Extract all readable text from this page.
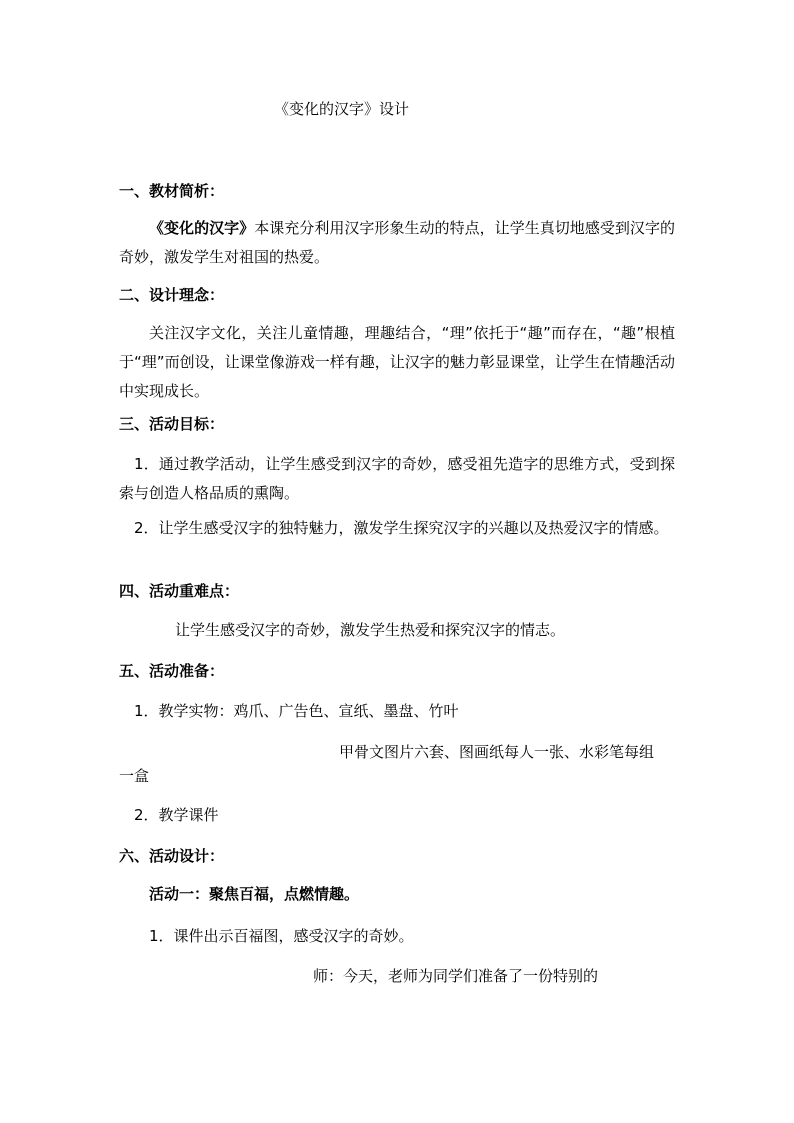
《变化的汉字》设计
一、教材简析：
《变化的汉字》本课充分利用汉字形象生动的特点，让学生真切地感受到汉字的奇妙，激发学生对祖国的热爱。
二、设计理念：
关注汉字文化，关注儿童情趣，理趣结合，“理”依托于“趣”而存在，“趣”根植于“理”而创设，让课堂像游戏一样有趣，让汉字的魅力彰显课堂，让学生在情趣活动中实现成长。
三、活动目标：
1．通过教学活动，让学生感受到汉字的奇妙，感受祖先造字的思维方式，受到探索与创造人格品质的熏陶。
2．让学生感受汉字的独特魅力，激发学生探究汉字的兴趣以及热爱汉字的情感。
四、活动重难点：
让学生感受汉字的奇妙，激发学生热爱和探究汉字的情志。
五、活动准备：
1．教学实物：鸡爪、广告色、宣纸、墨盘、竹叶
甲骨文图片六套、图画纸每人一张、水彩笔每组
一盒
2．教学课件
六、活动设计：
活动一：聚焦百福，点燃情趣。
1．课件出示百福图，感受汉字的奇妙。
师：今天，老师为同学们准备了一份特别的
